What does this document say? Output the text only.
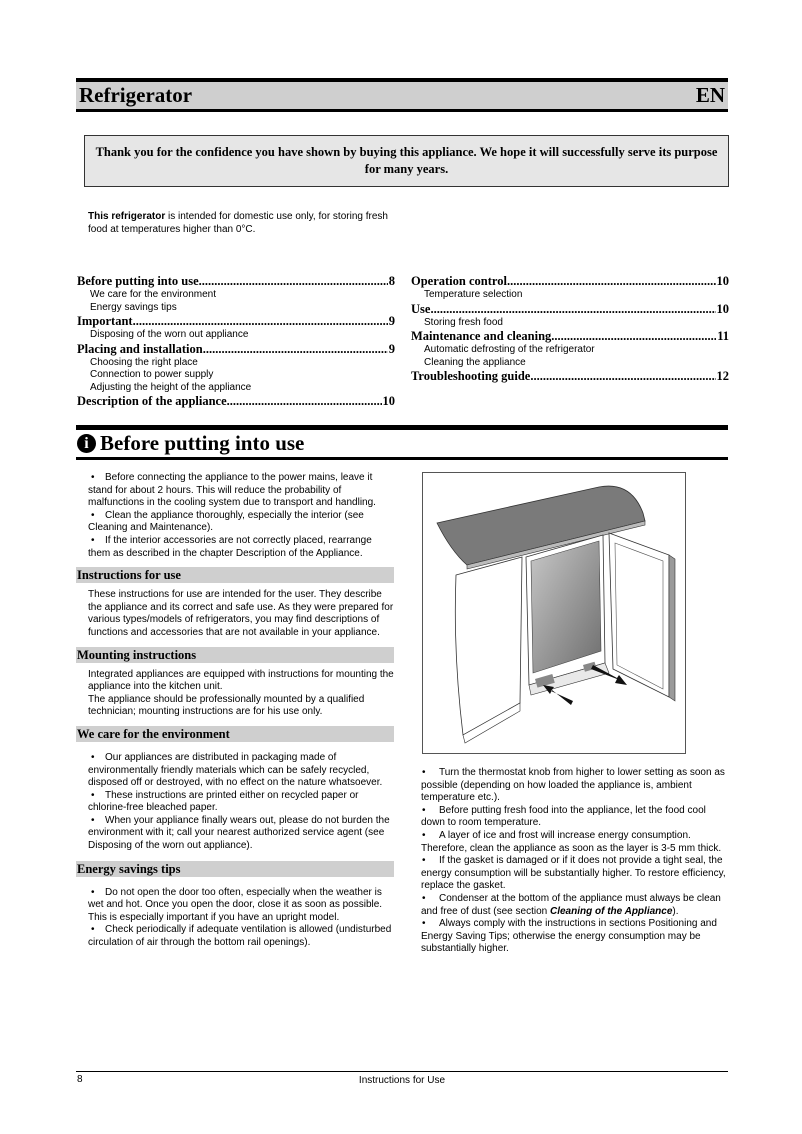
Refrigerator	EN
Thank you for the confidence you have shown by buying this appliance. We hope it will successfully serve its purpose for many years.
This refrigerator is intended for domestic use only, for storing fresh food at temperatures higher than 0°C.
Before putting into use .....	8
We care for the environment
Energy savings tips
Important .....	9
Disposing of the worn out appliance
Placing and installation .....	9
Choosing the right place
Connection to power supply
Adjusting the height of the appliance
Description of the appliance .....	10
Operation control .....	10
Temperature selection
Use .....	10
Storing fresh food
Maintenance and cleaning .....	11
Automatic defrosting of the refrigerator
Cleaning the appliance
Troubleshooting guide .....	12
i Before putting into use
•	Before connecting the appliance to the power mains, leave it stand for about 2 hours. This will reduce the probability of malfunctions in the cooling system due to transport and handling.
•	Clean the appliance thoroughly, especially the interior (see Cleaning and Maintenance).
•	If the interior accessories are not correctly placed, rearrange them as described in the chapter Description of the Appliance.
Instructions for use
These instructions for use are intended for the user. They describe the appliance and its correct and safe use. As they were prepared for various types/models of refrigerators, you may find descriptions of functions and accessories that are not available in your appliance.
Mounting instructions
Integrated appliances are equipped with instructions for mounting the appliance into the kitchen unit.
The appliance should be professionally mounted by a qualified technician; mounting instructions are for his use only.
We care for the environment
•	Our appliances are distributed in packaging made of environmentally friendly materials which can be safely recycled, disposed off or destroyed, with no effect on the nature whatsoever.
•	These instructions are printed either on recycled paper or chlorine-free bleached paper.
•	When your appliance finally wears out, please do not burden the environment with it; call your nearest authorized service agent (see Disposing of the worn out appliance).
Energy savings tips
•	Do not open the door too often, especially when the weather is wet and hot. Once you open the door, close it as soon as possible. This is especially important if you have an upright model.
•	Check periodically if adequate ventilation is allowed (undisturbed circulation of air through the bottom rail openings).
•	Turn the thermostat knob from higher to lower setting as soon as possible (depending on how loaded the appliance is, ambient temperature etc.).
•	Before putting fresh food into the appliance, let the food cool down to room temperature.
•	A layer of ice and frost will increase energy consumption. Therefore, clean the appliance as soon as the layer is 3-5 mm thick.
•	If the gasket is damaged or if it does not provide a tight seal, the energy consumption will be substantially higher. To restore efficiency, replace the gasket.
•	Condenser at the bottom of the appliance must always be clean and free of dust (see section Cleaning of the Appliance).
•	Always comply with the instructions in sections Positioning and Energy Saving Tips; otherwise the energy consumption may be substantially higher.
8	Instructions for Use
